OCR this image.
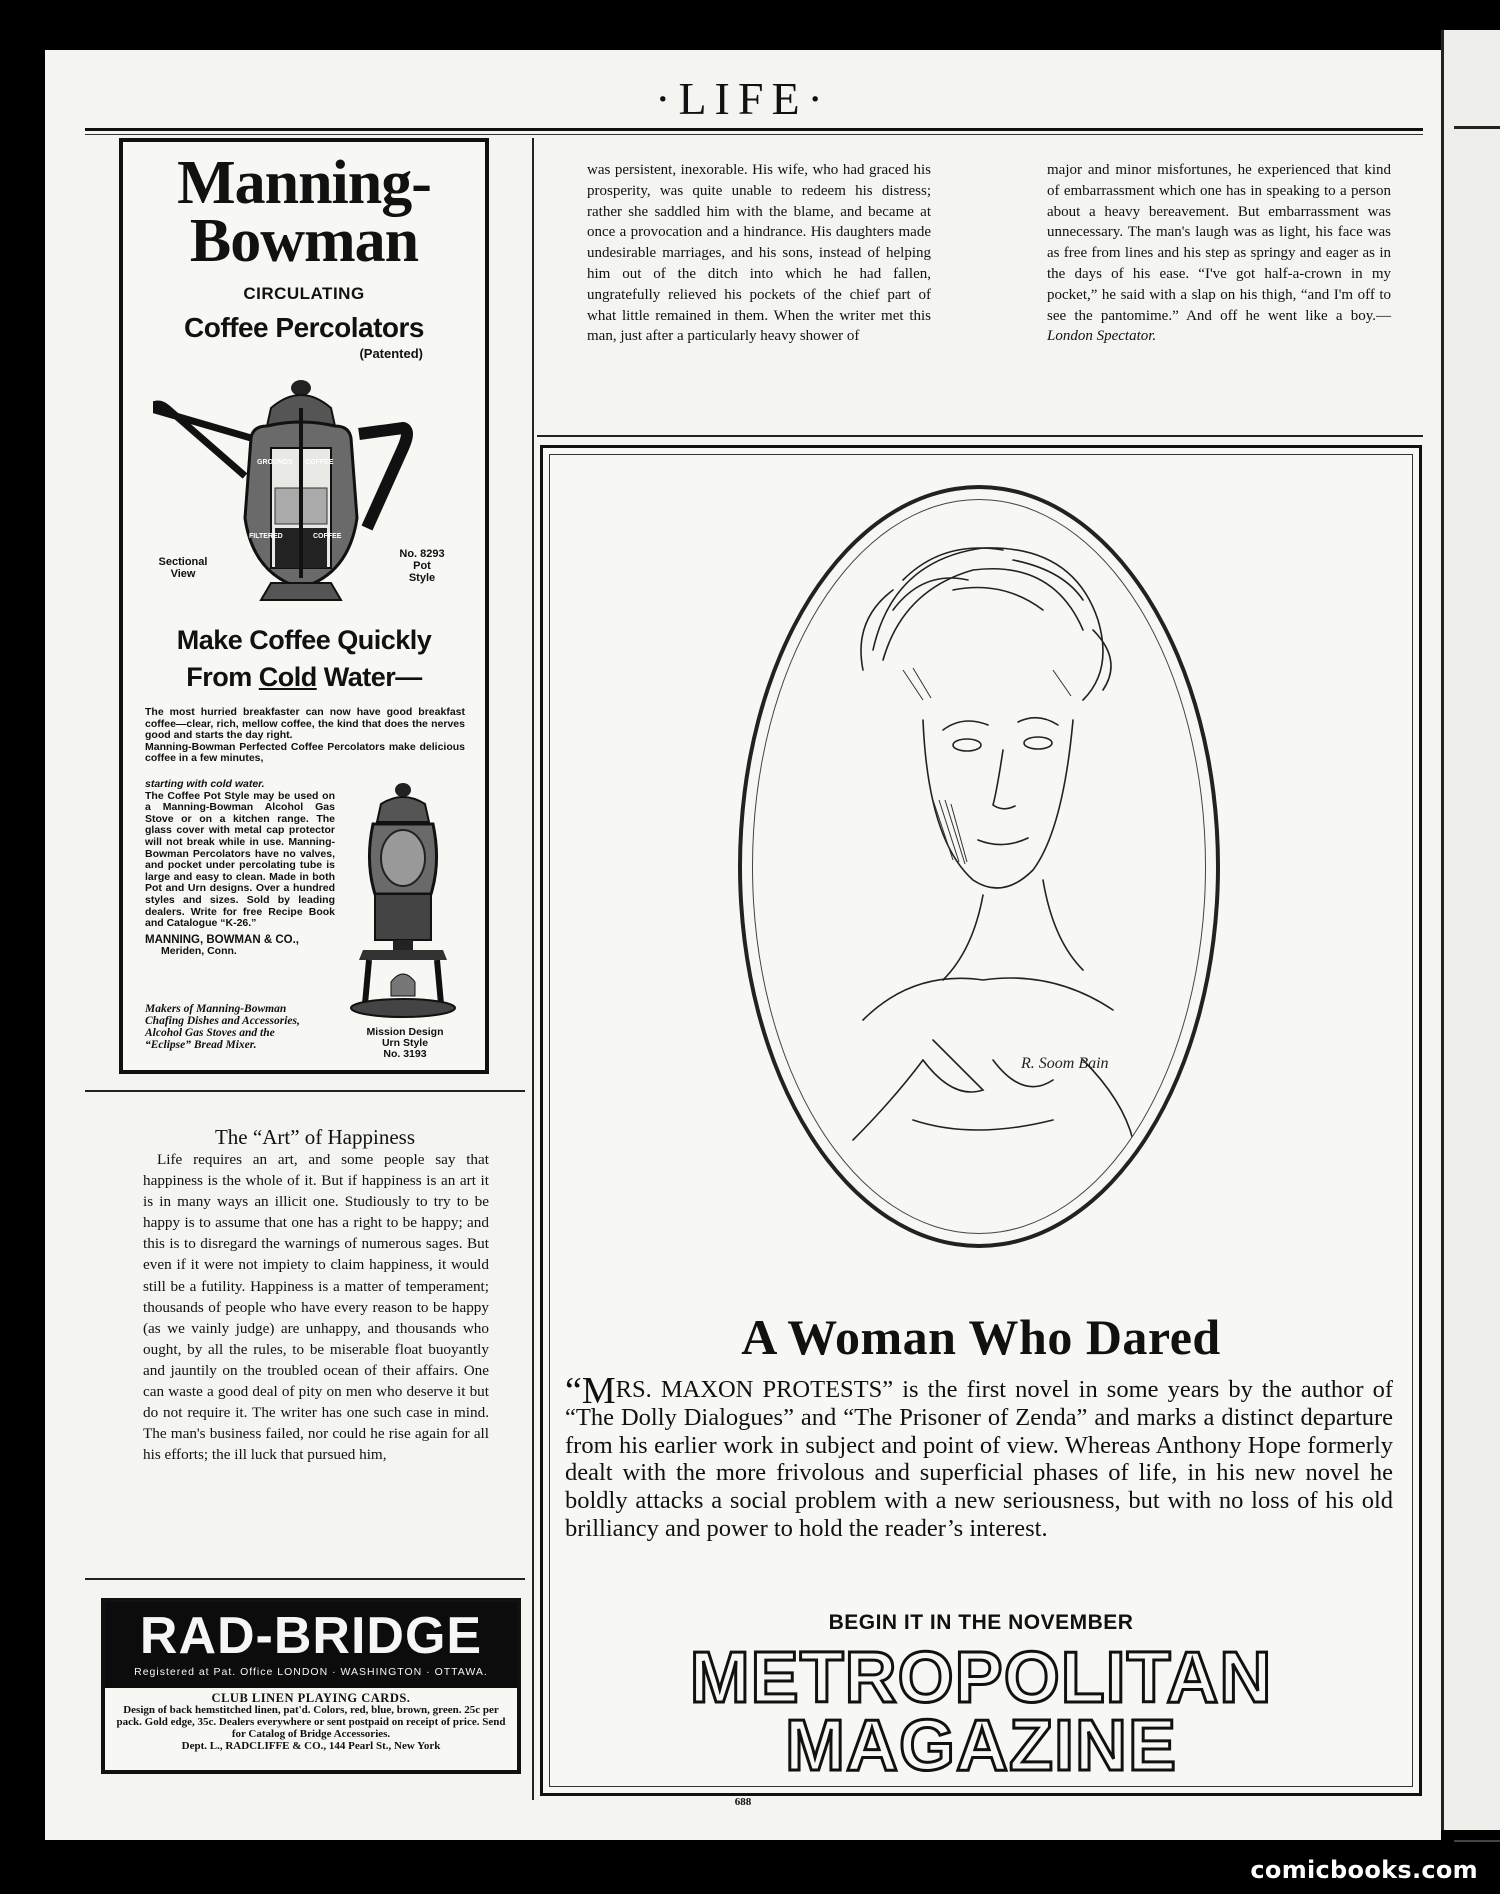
·LIFE·
Manning-
Bowman
CIRCULATING
Coffee Percolators
(Patented)
GROUNDS COFFEE
FILTERED	COFFEE
Sectional
View
No. 8293
Pot
Style
Make Coffee Quickly
From Cold Water—
The most hurried breakfaster can now have good breakfast coffee—clear, rich, mellow coffee, the kind that does the nerves good and starts the day right.
Manning-Bowman Perfected Coffee Percolators make delicious coffee in a few minutes,
starting with cold water.
The Coffee Pot Style may be used on a Manning-Bowman Alcohol Gas Stove or on a kitchen range. The glass cover with metal cap protector will not break while in use. Manning-Bowman Percolators have no valves, and pocket under percolating tube is large and easy to clean. Made in both Pot and Urn designs. Over a hundred styles and sizes. Sold by leading dealers. Write for free Recipe Book and Catalogue “K-26.”
MANNING, BOWMAN & CO.,
Meriden, Conn.
Makers of Manning-Bowman Chafing Dishes and Accessories, Alcohol Gas Stoves and the “Eclipse” Bread Mixer.
Mission Design
Urn Style
No. 3193
The “Art” of Happiness
Life requires an art, and some people say that happiness is the whole of it. But if happiness is an art it is in many ways an illicit one. Studiously to try to be happy is to assume that one has a right to be happy; and this is to disregard the warnings of numerous sages. But even if it were not impiety to claim happiness, it would still be a futility. Happiness is a matter of temperament; thousands of people who have every reason to be happy (as we vainly judge) are unhappy, and thousands who ought, by all the rules, to be miserable float buoyantly and jauntily on the troubled ocean of their affairs. One can waste a good deal of pity on men who deserve it but do not require it. The writer has one such case in mind. The man's business failed, nor could he rise again for all his efforts; the ill luck that pursued him,
RAD-BRIDGE
Registered at Pat. Office LONDON · WASHINGTON · OTTAWA.
CLUB LINEN PLAYING CARDS.
Design of back hemstitched linen, pat'd. Colors, red, blue, brown, green. 25c per pack. Gold edge, 35c. Dealers everywhere or sent postpaid on receipt of price. Send for Catalog of Bridge Accessories.
Dept. L., RADCLIFFE & CO., 144 Pearl St., New York
was persistent, inexorable. His wife, who had graced his prosperity, was quite unable to redeem his distress; rather she saddled him with the blame, and became at once a provocation and a hindrance. His daughters made undesirable marriages, and his sons, instead of helping him out of the ditch into which he had fallen, ungratefully relieved his pockets of the chief part of what little remained in them. When the writer met this man, just after a particularly heavy shower of
major and minor misfortunes, he experienced that kind of embarrassment which one has in speaking to a person about a heavy bereavement. But embarrassment was unnecessary. The man's laugh was as light, his face was as free from lines and his step as springy and eager as in the days of his ease. “I've got half-a-crown in my pocket,” he said with a slap on his thigh, “and I'm off to see the pantomime.” And off he went like a boy.—London Spectator.
R. Soom Bain
A Woman Who Dared
“MRS. MAXON PROTESTS” is the first novel in some years by the author of “The Dolly Dialogues” and “The Prisoner of Zenda” and marks a distinct departure from his earlier work in subject and point of view. Whereas Anthony Hope formerly dealt with the more frivolous and superficial phases of life, in his new novel he boldly attacks a social problem with a new seriousness, but with no loss of his old brilliancy and power to hold the reader’s interest.
BEGIN IT IN THE NOVEMBER
METROPOLITAN
MAGAZINE
688
comicbooks.com
